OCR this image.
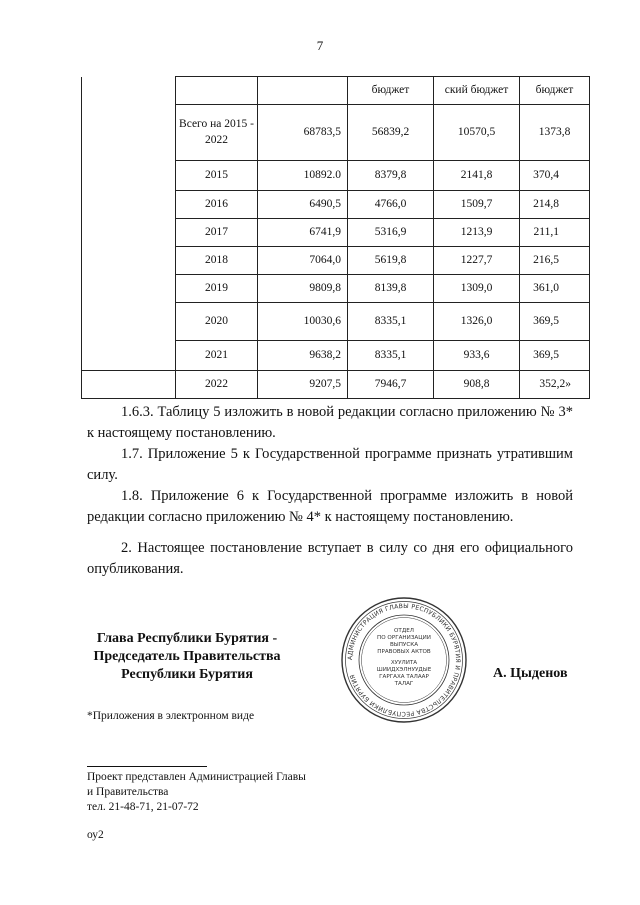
7
			бюджет	ский бюджет	бюджет
	Всего на 2015 - 2022	68783,5	56839,2	10570,5	1373,8
	2015	10892.0	8379,8	2141,8	370,4
	2016	6490,5	4766,0	1509,7	214,8
	2017	6741,9	5316,9	1213,9	211,1
	2018	7064,0	5619,8	1227,7	216,5
	2019	9809,8	8139,8	1309,0	361,0
	2020	10030,6	8335,1	1326,0	369,5
	2021	9638,2	8335,1	933,6	369,5
	2022	9207,5	7946,7	908,8	352,2»
1.6.3. Таблицу 5 изложить в новой редакции согласно приложению № 3* к настоящему постановлению.
1.7. Приложение 5 к Государственной программе признать утратившим силу.
1.8. Приложение 6 к Государственной программе изложить в новой редакции согласно приложению № 4* к настоящему постановлению.
2. Настоящее постановление вступает в силу со дня его официального опубликования.
Глава Республики Бурятия -
Председатель Правительства
Республики Бурятия
АДМИНИСТРАЦИЯ ГЛАВЫ РЕСПУБЛИКИ БУРЯТИЯ И ПРАВИТЕЛЬСТВА РЕСПУБЛИКИ БУРЯТИЯ
ОТДЕЛ
ПО ОРГАНИЗАЦИИ
ВЫПУСКА
ПРАВОВЫХ АКТОВ
ХУУЛИТА
ШИИДХЭЛНУУДЫЕ
ГАРГАХА ТАЛААР
ТАЛАГ
А. Цыденов
*Приложения в электронном виде
Проект представлен Администрацией Главы
и Правительства
тел. 21-48-71, 21-07-72
оу2
